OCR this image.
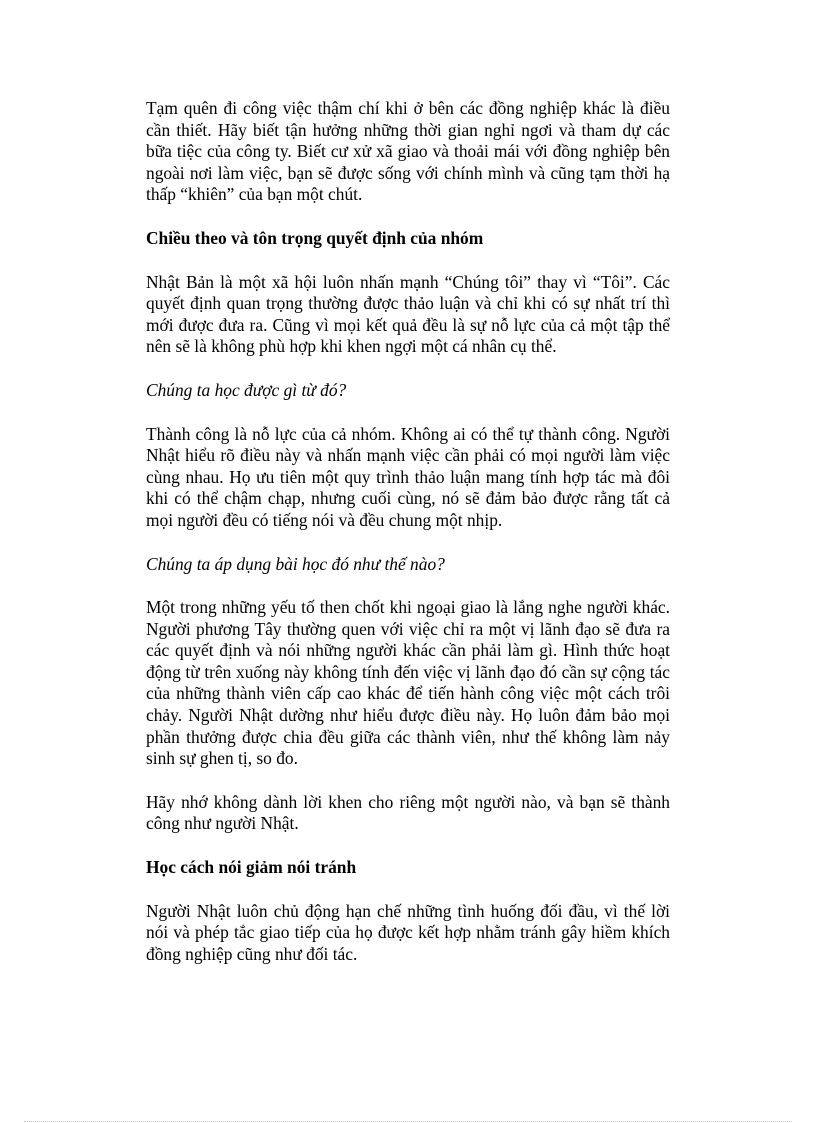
Tạm quên đi công việc thậm chí khi ở bên các đồng nghiệp khác là điều cần thiết. Hãy biết tận hưởng những thời gian nghỉ ngơi và tham dự các bữa tiệc của công ty. Biết cư xử xã giao và thoải mái với đồng nghiệp bên ngoài nơi làm việc, bạn sẽ được sống với chính mình và cũng tạm thời hạ thấp “khiên” của bạn một chút.

Chiều theo và tôn trọng quyết định của nhóm

Nhật Bản là một xã hội luôn nhấn mạnh “Chúng tôi” thay vì “Tôi”. Các quyết định quan trọng thường được thảo luận và chỉ khi có sự nhất trí thì mới được đưa ra. Cũng vì mọi kết quả đều là sự nỗ lực của cả một tập thể nên sẽ là không phù hợp khi khen ngợi một cá nhân cụ thể.

Chúng ta học được gì từ đó?

Thành công là nỗ lực của cả nhóm. Không ai có thể tự thành công. Người Nhật hiểu rõ điều này và nhấn mạnh việc cần phải có mọi người làm việc cùng nhau. Họ ưu tiên một quy trình thảo luận mang tính hợp tác mà đôi khi có thể chậm chạp, nhưng cuối cùng, nó sẽ đảm bảo được rằng tất cả mọi người đều có tiếng nói và đều chung một nhịp.

Chúng ta áp dụng bài học đó như thế nào?

Một trong những yếu tố then chốt khi ngoại giao là lắng nghe người khác. Người phương Tây thường quen với việc chỉ ra một vị lãnh đạo sẽ đưa ra các quyết định và nói những người khác cần phải làm gì. Hình thức hoạt động từ trên xuống này không tính đến việc vị lãnh đạo đó cần sự cộng tác của những thành viên cấp cao khác để tiến hành công việc một cách trôi chảy. Người Nhật dường như hiểu được điều này. Họ luôn đảm bảo mọi phần thưởng được chia đều giữa các thành viên, như thế không làm nảy sinh sự ghen tị, so đo.

Hãy nhớ không dành lời khen cho riêng một người nào, và bạn sẽ thành công như người Nhật.

Học cách nói giảm nói tránh

Người Nhật luôn chủ động hạn chế những tình huống đối đầu, vì thế lời nói và phép tắc giao tiếp của họ được kết hợp nhằm tránh gây hiềm khích đồng nghiệp cũng như đối tác.
